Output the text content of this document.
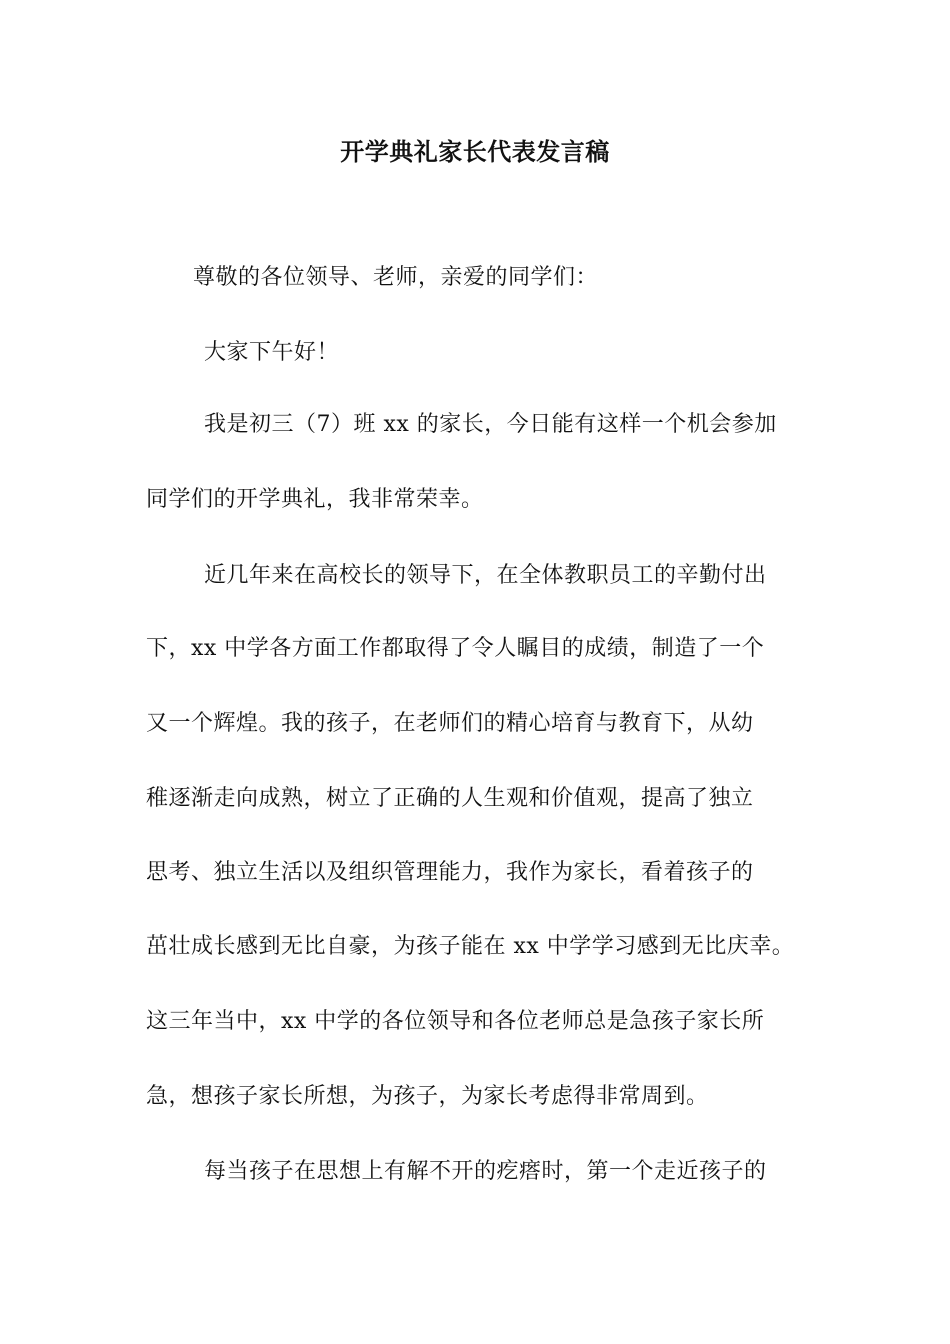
开学典礼家长代表发言稿
尊敬的各位领导、老师，亲爱的同学们：
大家下午好！
我是初三（7）班 xx 的家长，今日能有这样一个机会参加
同学们的开学典礼，我非常荣幸。
近几年来在高校长的领导下，在全体教职员工的辛勤付出
下，xx 中学各方面工作都取得了令人瞩目的成绩，制造了一个
又一个辉煌。我的孩子，在老师们的精心培育与教育下，从幼
稚逐渐走向成熟，树立了正确的人生观和价值观，提高了独立
思考、独立生活以及组织管理能力，我作为家长，看着孩子的
茁壮成长感到无比自豪，为孩子能在 xx 中学学习感到无比庆幸。
这三年当中，xx 中学的各位领导和各位老师总是急孩子家长所
急，想孩子家长所想，为孩子，为家长考虑得非常周到。
每当孩子在思想上有解不开的疙瘩时，第一个走近孩子的
